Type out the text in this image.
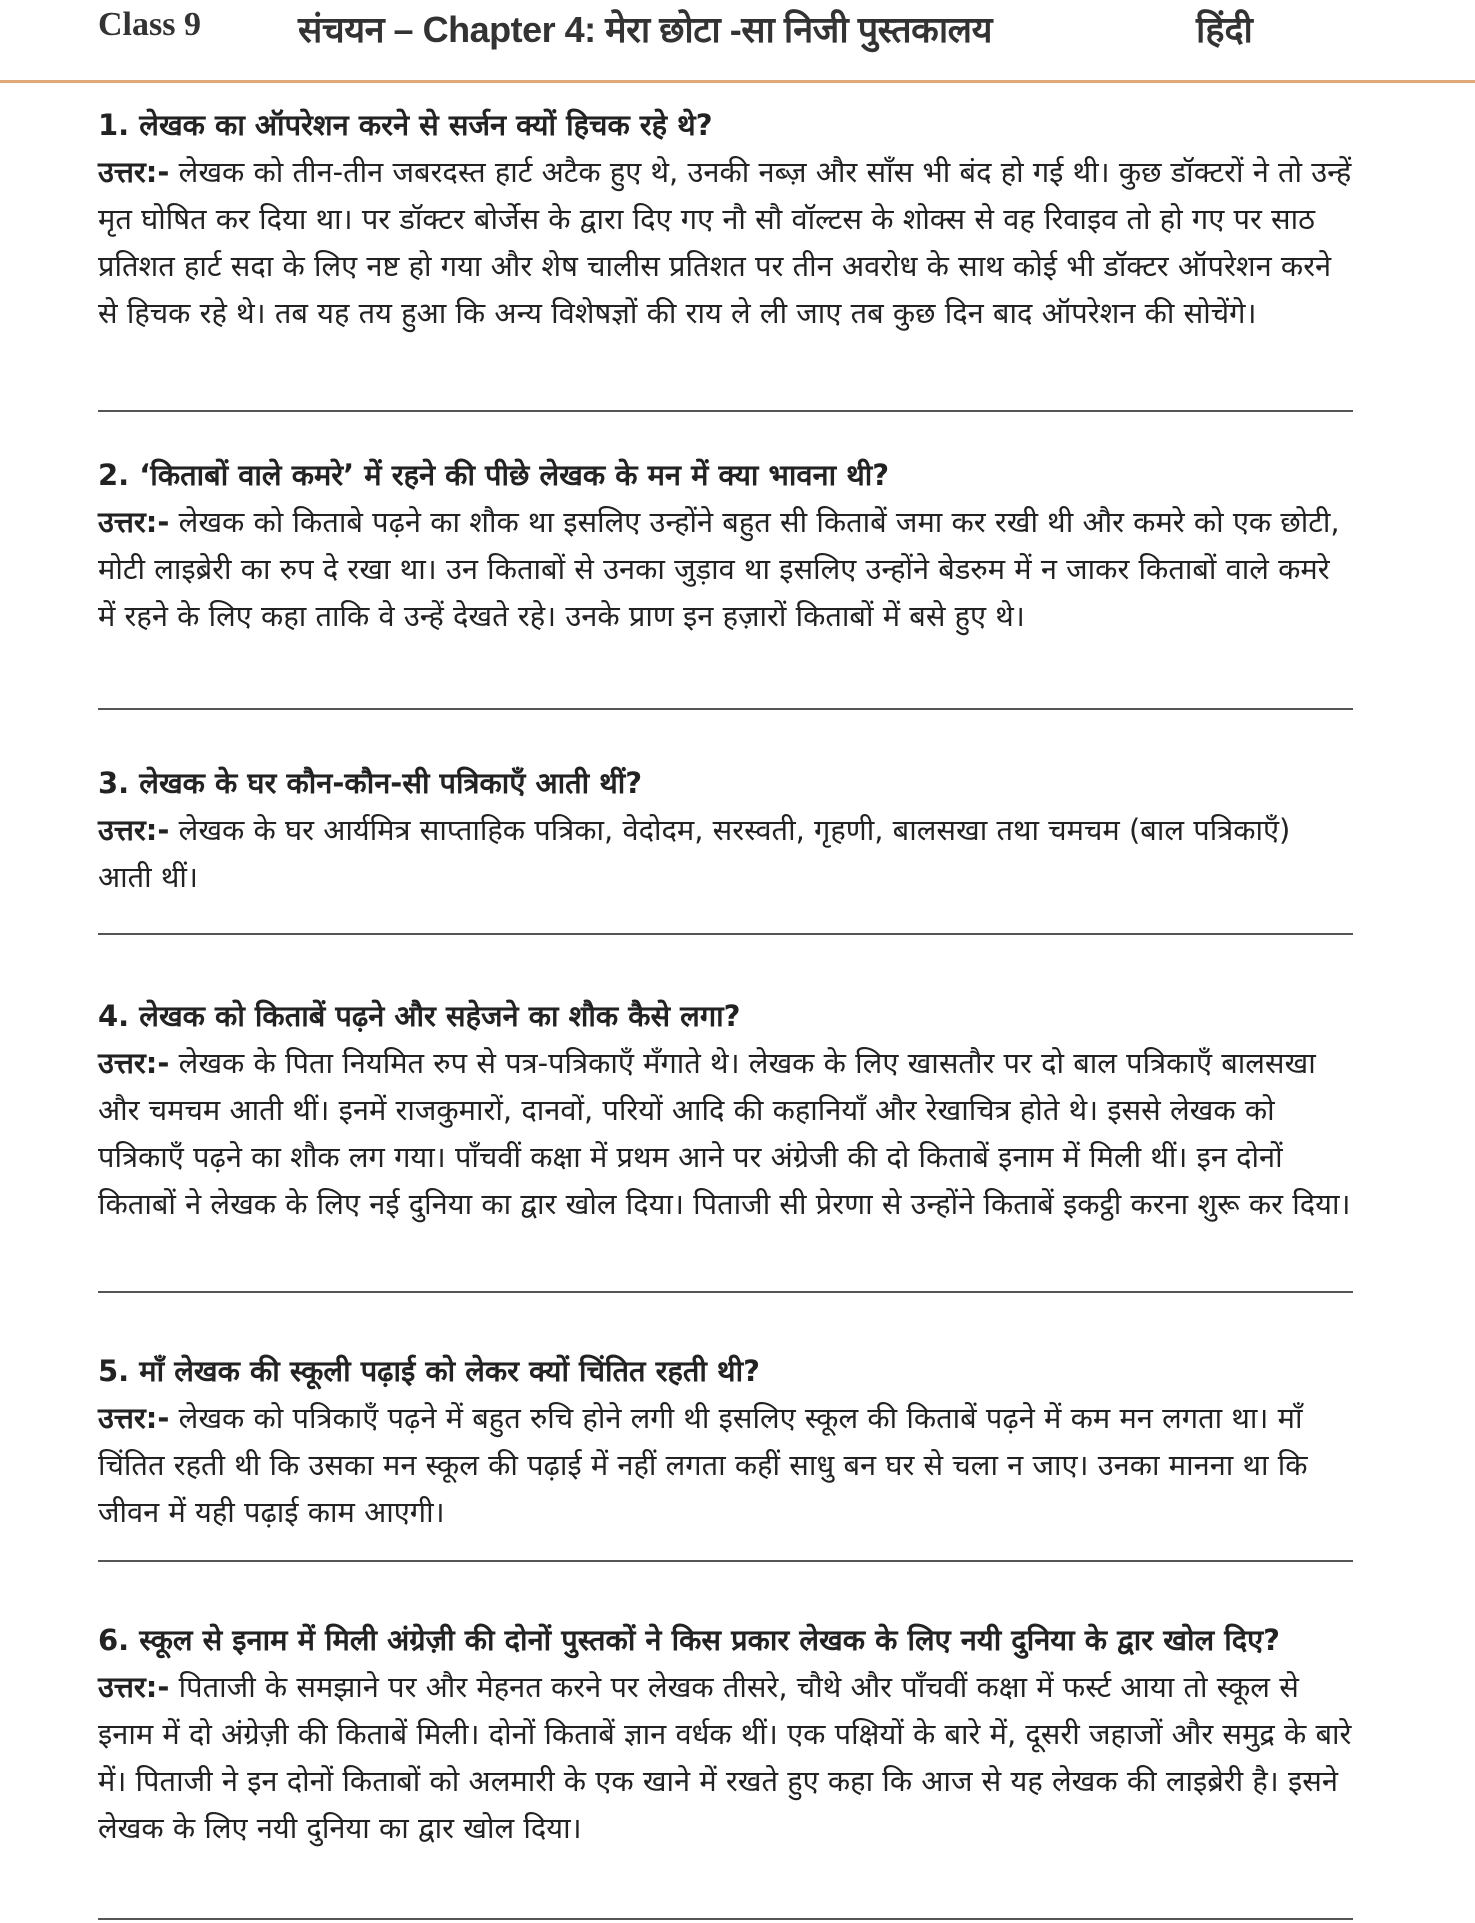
Class 9	संचयन – Chapter 4: मेरा छोटा -सा निजी पुस्तकालय	हिंदी
1. लेखक का ऑपरेशन करने से सर्जन क्यों हिचक रहे थे?
उत्तर:- लेखक को तीन-तीन जबरदस्त हार्ट अटैक हुए थे, उनकी नब्ज़ और साँस भी बंद हो गई थी। कुछ डॉक्टरों ने तो उन्हें मृत घोषित कर दिया था। पर डॉक्टर बोर्जेस के द्वारा दिए गए नौ सौ वॉल्टस के शोक्स से वह रिवाइव तो हो गए पर साठ प्रतिशत हार्ट सदा के लिए नष्ट हो गया और शेष चालीस प्रतिशत पर तीन अवरोध के साथ कोई भी डॉक्टर ऑपरेशन करने से हिचक रहे थे। तब यह तय हुआ कि अन्य विशेषज्ञों की राय ले ली जाए तब कुछ दिन बाद ऑपरेशन की सोचेंगे।
2. ‘किताबों वाले कमरे’ में रहने की पीछे लेखक के मन में क्या भावना थी?
उत्तर:- लेखक को किताबे पढ़ने का शौक था इसलिए उन्होंने बहुत सी किताबें जमा कर रखी थी और कमरे को एक छोटी, मोटी लाइब्रेरी का रुप दे रखा था। उन किताबों से उनका जुड़ाव था इसलिए उन्होंने बेडरुम में न जाकर किताबों वाले कमरे में रहने के लिए कहा ताकि वे उन्हें देखते रहे। उनके प्राण इन हज़ारों किताबों में बसे हुए थे।
3. लेखक के घर कौन-कौन-सी पत्रिकाएँ आती थीं?
उत्तर:- लेखक के घर आर्यमित्र साप्ताहिक पत्रिका, वेदोदम, सरस्वती, गृहणी, बालसखा तथा चमचम (बाल पत्रिकाएँ) आती थीं।
4. लेखक को किताबें पढ़ने और सहेजने का शौक कैसे लगा?
उत्तर:- लेखक के पिता नियमित रुप से पत्र-पत्रिकाएँ मँगाते थे। लेखक के लिए खासतौर पर दो बाल पत्रिकाएँ बालसखा और चमचम आती थीं। इनमें राजकुमारों, दानवों, परियों आदि की कहानियाँ और रेखाचित्र होते थे। इससे लेखक को पत्रिकाएँ पढ़ने का शौक लग गया। पाँचवीं कक्षा में प्रथम आने पर अंग्रेजी की दो किताबें इनाम में मिली थीं। इन दोनों किताबों ने लेखक के लिए नई दुनिया का द्वार खोल दिया। पिताजी सी प्रेरणा से उन्होंने किताबें इकट्ठी करना शुरू कर दिया।
5. माँ लेखक की स्कूली पढ़ाई को लेकर क्यों चिंतित रहती थी?
उत्तर:- लेखक को पत्रिकाएँ पढ़ने में बहुत रुचि होने लगी थी इसलिए स्कूल की किताबें पढ़ने में कम मन लगता था। माँ चिंतित रहती थी कि उसका मन स्कूल की पढ़ाई में नहीं लगता कहीं साधु बन घर से चला न जाए। उनका मानना था कि जीवन में यही पढ़ाई काम आएगी।
6. स्कूल से इनाम में मिली अंग्रेज़ी की दोनों पुस्तकों ने किस प्रकार लेखक के लिए नयी दुनिया के द्वार खोल दिए?
उत्तर:- पिताजी के समझाने पर और मेहनत करने पर लेखक तीसरे, चौथे और पाँचवीं कक्षा में फर्स्ट आया तो स्कूल से इनाम में दो अंग्रेज़ी की किताबें मिली। दोनों किताबें ज्ञान वर्धक थीं। एक पक्षियों के बारे में, दूसरी जहाजों और समुद्र के बारे में। पिताजी ने इन दोनों किताबों को अलमारी के एक खाने में रखते हुए कहा कि आज से यह लेखक की लाइब्रेरी है। इसने लेखक के लिए नयी दुनिया का द्वार खोल दिया।
